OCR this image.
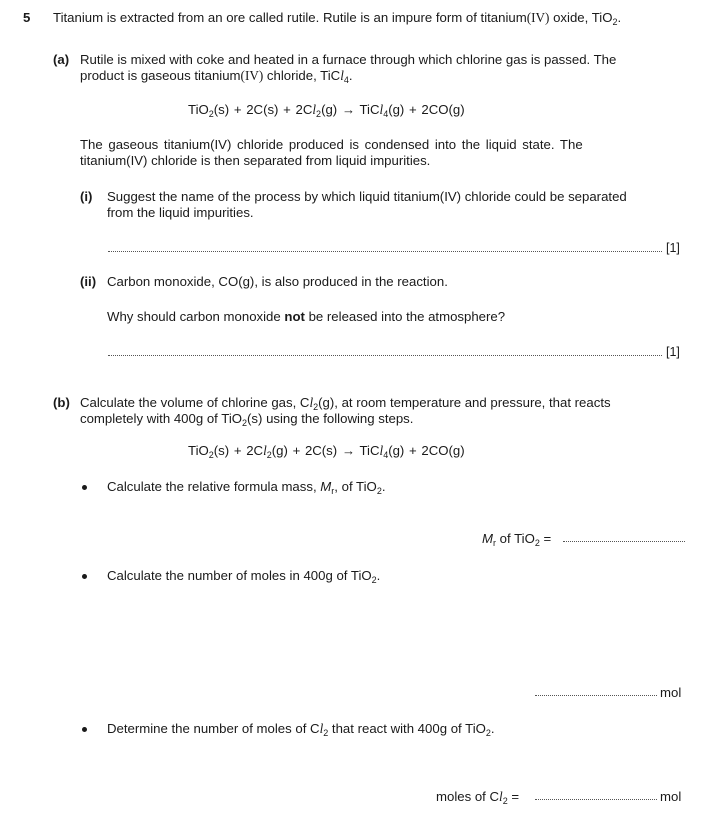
5 Titanium is extracted from an ore called rutile. Rutile is an impure form of titanium(IV) oxide, TiO$_2$.
(a) Rutile is mixed with coke and heated in a furnace through which chlorine gas is passed. The
product is gaseous titanium(IV) chloride, TiCl$_4$.
$TiO_2(s) + 2C(s) + 2Cl_2(g)$ → TiCl$_4$(g) + 2CO(g)
The gaseous titanium(IV) chloride produced is condensed into the liquid state. The
titanium(IV) chloride is then separated from liquid impurities.
(i) Suggest the name of the process by which liquid titanium(IV) chloride could be separated
from the liquid impurities.
[1]
(ii) Carbon monoxide, CO(g), is also produced in the reaction.
Why should carbon monoxide not be released into the atmosphere?
[1]
(b) Calculate the volume of chlorine gas, $Cl_2(g)$, at room temperature and pressure, that reacts
completely with 400g of TiO$_2$(s) using the following steps.
$TiO_2(s) + 2Cl_2(g) + 2C(s)$ → TiCl$_4$(g) + 2CO(g)
Calculate the relative formula mass, $M_r$, of TiO$_2$.
$M_r$ of TiO$_2$ =
Calculate the number of moles in 400g of TiO$_2$.
mol
Determine the number of moles of $Cl_2$ that react with 400g of TiO$_2$.
moles of $Cl_2$ =	mol
